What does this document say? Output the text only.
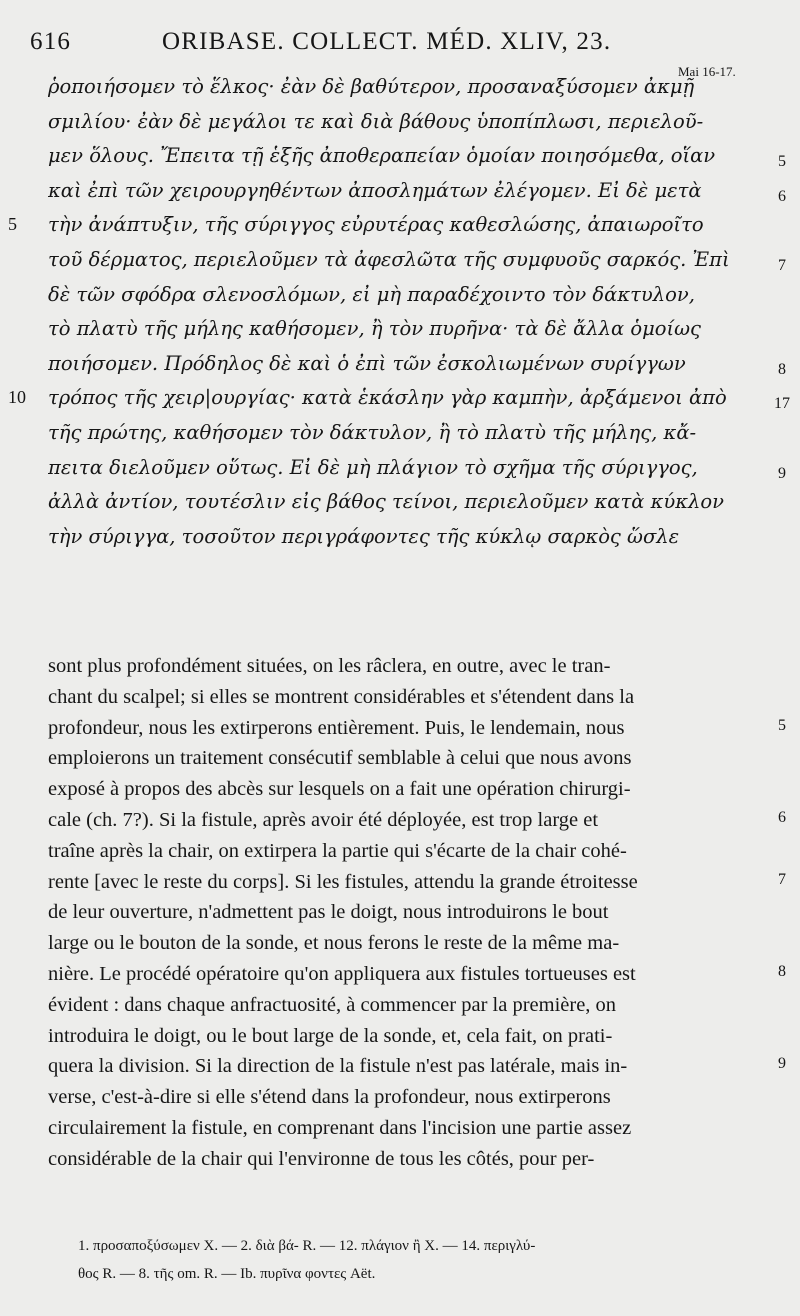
616	ORIBASE. COLLECT. MÉD. XLIV, 23.
Mai 16-17.
ῥοποιήσομεν τὸ ἕλκος· ἐὰν δὲ βαθύτερον, προσαναξύσομεν ἀκμῇ
σμιλίου· ἐὰν δὲ μεγάλοι τε καὶ διὰ βάθους ὑποπίπλωσι, περιελοῦ-
μεν ὅλους. Ἔπειτα τῇ ἑξῆς ἀποθεραπείαν ὁμοίαν ποιησόμεθα, οἵαν
καὶ ἐπὶ τῶν χειρουργηθέντων ἀποσλημάτων ἐλέγομεν. Εἰ δὲ μετὰ
τὴν ἀνάπτυξιν, τῆς σύριγγος εὐρυτέρας καθεσλώσης, ἀπαιωροῖτο
τοῦ δέρματος, περιελοῦμεν τὰ ἀφεσλῶτα τῆς συμφυοῦς σαρκός. Ἐπὶ
δὲ τῶν σφόδρα σλενοσλόμων, εἰ μὴ παραδέχοιντο τὸν δάκτυλον,
τὸ πλατὺ τῆς μήλης καθήσομεν, ἢ τὸν πυρῆνα· τὰ δὲ ἄλλα ὁμοίως
ποιήσομεν. Πρόδηλος δὲ καὶ ὁ ἐπὶ τῶν ἐσκολιωμένων συρίγγων
τρόπος τῆς χειρ|ουργίας· κατὰ ἑκάσλην γὰρ καμπὴν, ἀρξάμενοι ἀπὸ
τῆς πρώτης, καθήσομεν τὸν δάκτυλον, ἢ τὸ πλατὺ τῆς μήλης, κἄ-
πειτα διελοῦμεν οὕτως. Εἰ δὲ μὴ πλάγιον τὸ σχῆμα τῆς σύριγγος,
ἀλλὰ ἀντίον, τουτέσλιν εἰς βάθος τείνοι, περιελοῦμεν κατὰ κύκλον
τὴν σύριγγα, τοσοῦτον περιγράφοντες τῆς κύκλῳ σαρκὸς ὥσλε
5
10
5
6
7
8
17
9
sont plus profondément situées, on les râclera, en outre, avec le tran-
chant du scalpel; si elles se montrent considérables et s'étendent dans la
profondeur, nous les extirperons entièrement. Puis, le lendemain, nous
emploierons un traitement consécutif semblable à celui que nous avons
exposé à propos des abcès sur lesquels on a fait une opération chirurgi-
cale (ch. 7?). Si la fistule, après avoir été déployée, est trop large et
traîne après la chair, on extirpera la partie qui s'écarte de la chair cohé-
rente [avec le reste du corps]. Si les fistules, attendu la grande étroitesse
de leur ouverture, n'admettent pas le doigt, nous introduirons le bout
large ou le bouton de la sonde, et nous ferons le reste de la même ma-
nière. Le procédé opératoire qu'on appliquera aux fistules tortueuses est
évident : dans chaque anfractuosité, à commencer par la première, on
introduira le doigt, ou le bout large de la sonde, et, cela fait, on prati-
quera la division. Si la direction de la fistule n'est pas latérale, mais in-
verse, c'est-à-dire si elle s'étend dans la profondeur, nous extirperons
circulairement la fistule, en comprenant dans l'incision une partie assez
considérable de la chair qui l'environne de tous les côtés, pour per-
5
6
7
8
9
1. προσαποξύσωμεν X. — 2. διὰ βά- R. — 12. πλάγιον ἢ X. — 14. περιγλύ-
θος R. — 8. τῆς om. R. — Ib. πυρῖνα φοντες Aët.
